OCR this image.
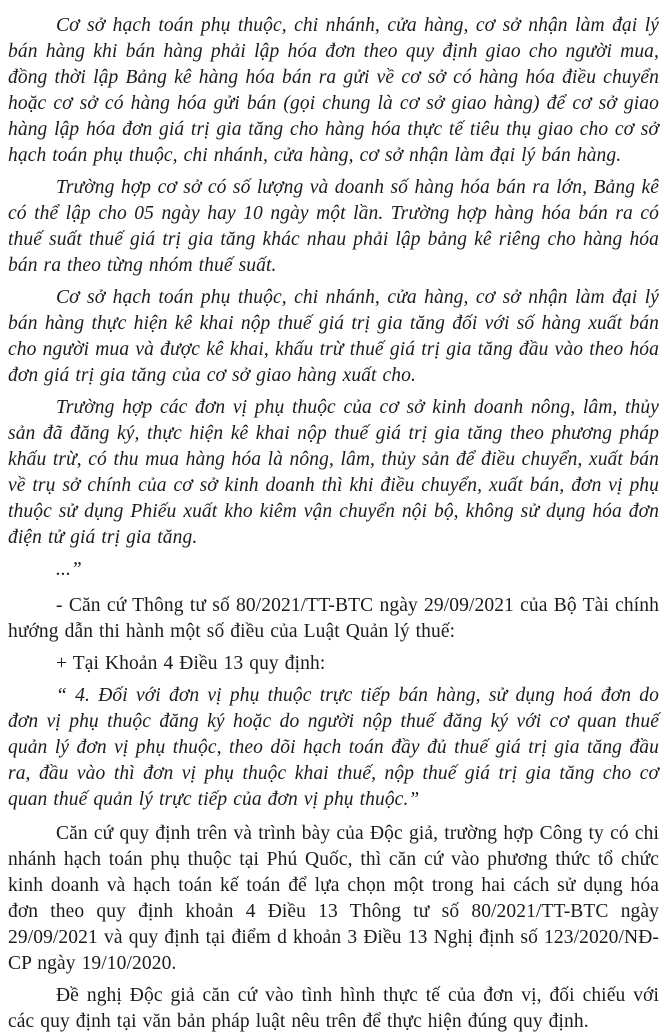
Cơ sở hạch toán phụ thuộc, chi nhánh, cửa hàng, cơ sở nhận làm đại lý bán hàng khi bán hàng phải lập hóa đơn theo quy định giao cho người mua, đồng thời lập Bảng kê hàng hóa bán ra gửi về cơ sở có hàng hóa điều chuyển hoặc cơ sở có hàng hóa gửi bán (gọi chung là cơ sở giao hàng) để cơ sở giao hàng lập hóa đơn giá trị gia tăng cho hàng hóa thực tế tiêu thụ giao cho cơ sở hạch toán phụ thuộc, chi nhánh, cửa hàng, cơ sở nhận làm đại lý bán hàng.

Trường hợp cơ sở có số lượng và doanh số hàng hóa bán ra lớn, Bảng kê có thể lập cho 05 ngày hay 10 ngày một lần. Trường hợp hàng hóa bán ra có thuế suất thuế giá trị gia tăng khác nhau phải lập bảng kê riêng cho hàng hóa bán ra theo từng nhóm thuế suất.

Cơ sở hạch toán phụ thuộc, chi nhánh, cửa hàng, cơ sở nhận làm đại lý bán hàng thực hiện kê khai nộp thuế giá trị gia tăng đối với số hàng xuất bán cho người mua và được kê khai, khấu trừ thuế giá trị gia tăng đầu vào theo hóa đơn giá trị gia tăng của cơ sở giao hàng xuất cho.

Trường hợp các đơn vị phụ thuộc của cơ sở kinh doanh nông, lâm, thủy sản đã đăng ký, thực hiện kê khai nộp thuế giá trị gia tăng theo phương pháp khấu trừ, có thu mua hàng hóa là nông, lâm, thủy sản để điều chuyển, xuất bán về trụ sở chính của cơ sở kinh doanh thì khi điều chuyển, xuất bán, đơn vị phụ thuộc sử dụng Phiếu xuất kho kiêm vận chuyển nội bộ, không sử dụng hóa đơn điện tử giá trị gia tăng.

...”

- Căn cứ Thông tư số 80/2021/TT-BTC ngày 29/09/2021 của Bộ Tài chính hướng dẫn thi hành một số điều của Luật Quản lý thuế:

+ Tại Khoản 4 Điều 13 quy định:

“ 4. Đối với đơn vị phụ thuộc trực tiếp bán hàng, sử dụng hoá đơn do đơn vị phụ thuộc đăng ký hoặc do người nộp thuế đăng ký với cơ quan thuế quản lý đơn vị phụ thuộc, theo dõi hạch toán đầy đủ thuế giá trị gia tăng đầu ra, đầu vào thì đơn vị phụ thuộc khai thuế, nộp thuế giá trị gia tăng cho cơ quan thuế quản lý trực tiếp của đơn vị phụ thuộc.”

Căn cứ quy định trên và trình bày của Độc giả, trường hợp Công ty có chi nhánh hạch toán phụ thuộc tại Phú Quốc, thì căn cứ vào phương thức tổ chức kinh doanh và hạch toán kế toán để lựa chọn một trong hai cách sử dụng hóa đơn theo quy định khoản 4 Điều 13 Thông tư số 80/2021/TT-BTC ngày 29/09/2021 và quy định tại điểm d khoản 3 Điều 13 Nghị định số 123/2020/NĐ-CP ngày 19/10/2020.

Đề nghị Độc giả căn cứ vào tình hình thực tế của đơn vị, đối chiếu với các quy định tại văn bản pháp luật nêu trên để thực hiện đúng quy định.
